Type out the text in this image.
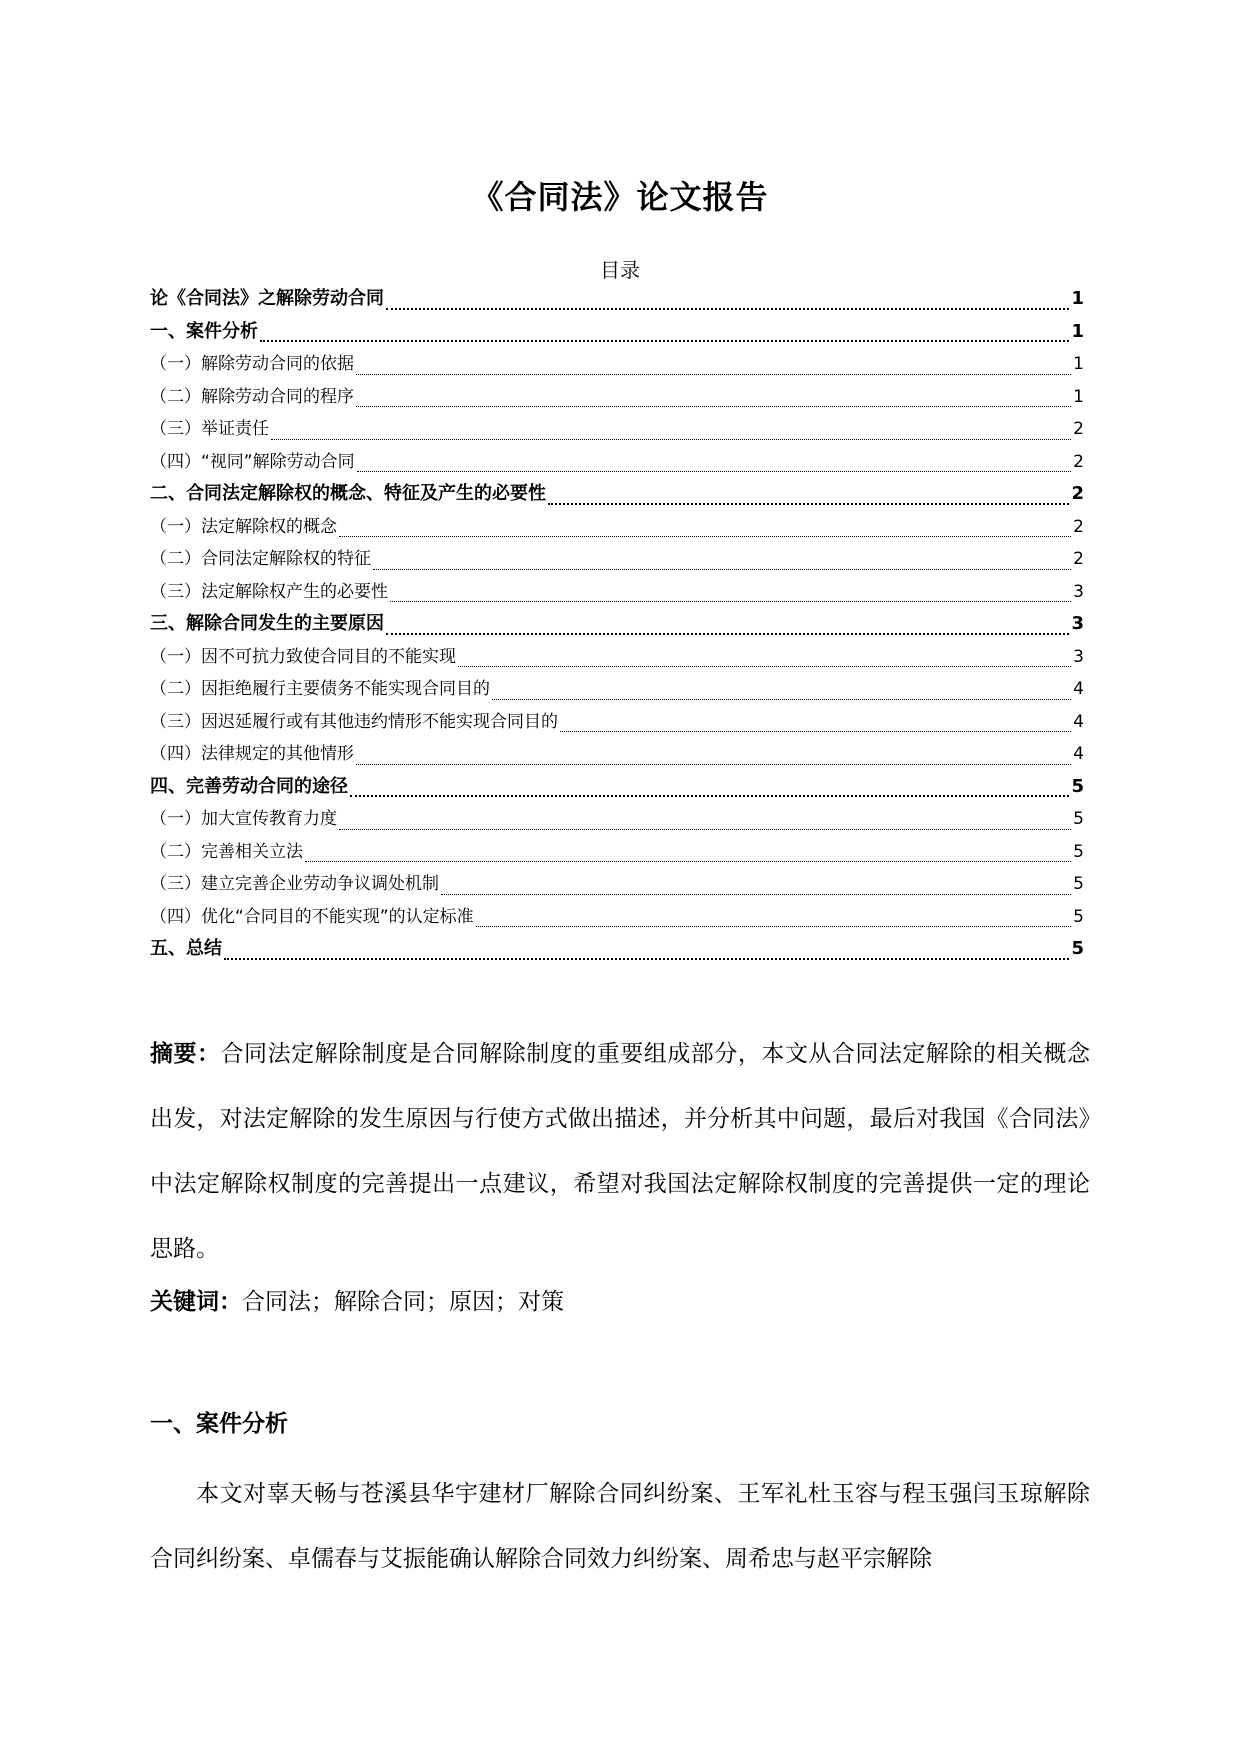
《合同法》论文报告
目录
论《合同法》之解除劳动合同	1
一、案件分析	1
（一）解除劳动合同的依据	1
（二）解除劳动合同的程序	1
（三）举证责任	2
（四）“视同”解除劳动合同	2
二、合同法定解除权的概念、特征及产生的必要性	2
（一）法定解除权的概念	2
（二）合同法定解除权的特征	2
（三）法定解除权产生的必要性	3
三、解除合同发生的主要原因	3
（一）因不可抗力致使合同目的不能实现	3
（二）因拒绝履行主要债务不能实现合同目的	4
（三）因迟延履行或有其他违约情形不能实现合同目的	4
（四）法律规定的其他情形	4
四、完善劳动合同的途径	5
（一）加大宣传教育力度	5
（二）完善相关立法	5
（三）建立完善企业劳动争议调处机制	5
（四）优化“合同目的不能实现”的认定标准	5
五、总结	5
摘要：合同法定解除制度是合同解除制度的重要组成部分，本文从合同法定解除的相关概念出发，对法定解除的发生原因与行使方式做出描述，并分析其中问题，最后对我国《合同法》中法定解除权制度的完善提出一点建议，希望对我国法定解除权制度的完善提供一定的理论思路。
关键词：合同法；解除合同；原因；对策
一、案件分析
本文对辜天畅与苍溪县华宇建材厂解除合同纠纷案、王军礼杜玉容与程玉强闫玉琼解除合同纠纷案、卓儒春与艾振能确认解除合同效力纠纷案、周希忠与赵平宗解除
